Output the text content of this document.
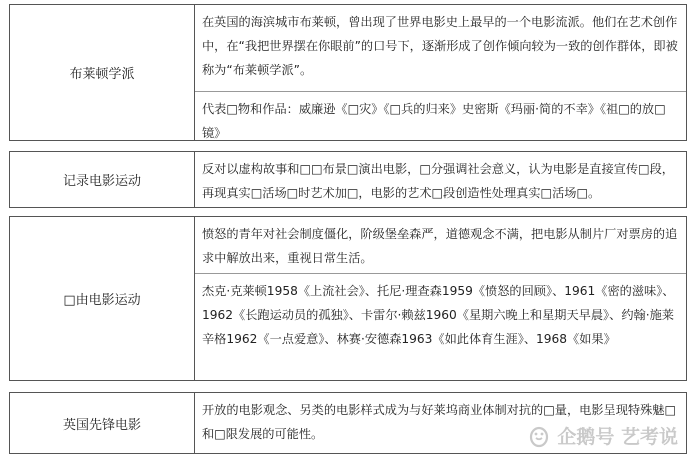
布莱顿学派
在英国的海滨城市布莱顿，曾出现了世界电影史上最早的一个电影流派。他们在艺术创作中，在“我把世界摆在你眼前”的口号下，逐渐形成了创作倾向较为一致的创作群体，即被称为“布莱顿学派”。
代表□物和作品：威廉逊《□灾》《□兵的归来》史密斯《玛丽·简的不幸》《祖□的放□镜》
记录电影运动
反对以虚构故事和□□布景□演出电影，□分强调社会意义，认为电影是直接宣传□段，再现真实□活场□时艺术加□，电影的艺术□段创造性处理真实□活场□。
□由电影运动
愤怒的青年对社会制度僵化，阶级堡垒森严，道德观念不满，把电影从制片厂对票房的追求中解放出来，重视日常生活。
杰克·克莱顿1958《上流社会》、托尼·理查森1959《愤怒的回顾》、1961《密的滋味》、1962《长跑运动员的孤独》、卡雷尔·赖兹1960《星期六晚上和星期天早晨》、约翰·施莱辛格1962《一点爱意》、林赛·安德森1963《如此体育生涯》、1968《如果》
英国先锋电影
开放的电影观念、另类的电影样式成为与好莱坞商业体制对抗的□量，电影呈现特殊魅□和□限发展的可能性。	企鹅号 艺考说
